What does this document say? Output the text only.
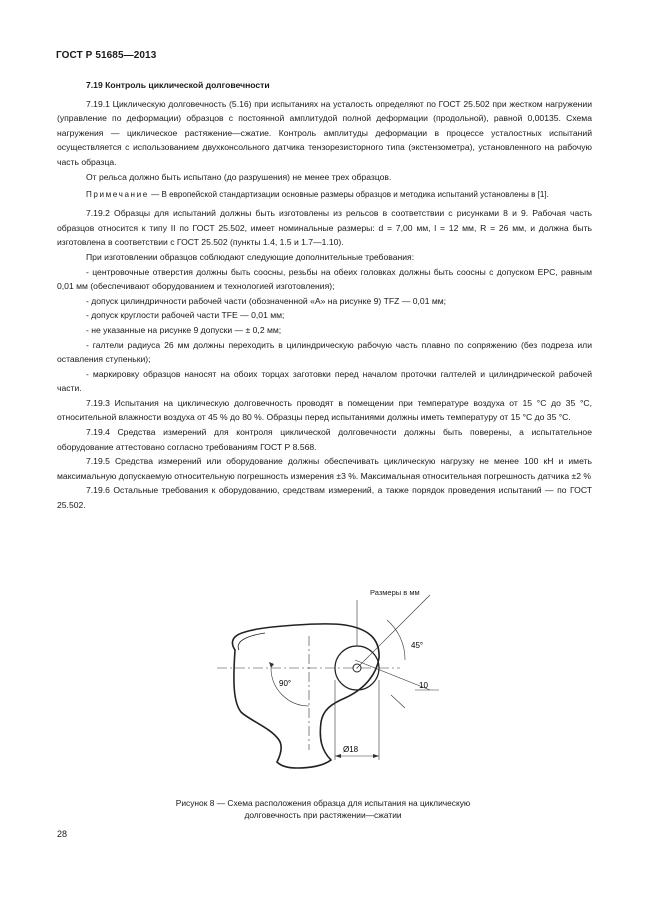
ГОСТ Р 51685—2013

7.19 Контроль циклической долговечности

7.19.1 Циклическую долговечность (5.16) при испытаниях на усталость определяют по ГОСТ 25.502 при жестком нагружении (управление по деформации) образцов с постоянной амплитудой полной деформации (продольной), равной 0,00135. Схема нагружения — циклическое растяжение—сжатие. Контроль амплитуды деформации в процессе усталостных испытаний осуществляется с использованием двухконсольного датчика тензорезисторного типа (экстензометра), установленного на рабочую часть образца.

От рельса должно быть испытано (до разрушения) не менее трех образцов.

Примечание — В европейской стандартизации основные размеры образцов и методика испытаний установлены в [1].

7.19.2 Образцы для испытаний должны быть изготовлены из рельсов в соответствии с рисунками 8 и 9. Рабочая часть образцов относится к типу II по ГОСТ 25.502, имеет номинальные размеры: d = 7,00 мм, l = 12 мм, R = 26 мм, и должна быть изготовлена в соответствии с ГОСТ 25.502 (пункты 1.4, 1.5 и 1.7—1.10).

При изготовлении образцов соблюдают следующие дополнительные требования:

- центровочные отверстия должны быть соосны, резьбы на обеих головках должны быть соосны с допуском EPC, равным 0,01 мм (обеспечивают оборудованием и технологией изготовления);

- допуск цилиндричности рабочей части (обозначенной «А» на рисунке 9) TFZ — 0,01 мм;

- допуск круглости рабочей части TFE — 0,01 мм;

- не указанные на рисунке 9 допуски — ± 0,2 мм;

- галтели радиуса 26 мм должны переходить в цилиндрическую рабочую часть плавно по сопряжению (без подреза или оставления ступеньки);

- маркировку образцов наносят на обоих торцах заготовки перед началом проточки галтелей и цилиндрической рабочей части.

7.19.3 Испытания на циклическую долговечность проводят в помещении при температуре воздуха от 15 °С до 35 °С, относительной влажности воздуха от 45 % до 80 %. Образцы перед испытаниями должны иметь температуру от 15 °С до 35 °С.

7.19.4 Средства измерений для контроля циклической долговечности должны быть поверены, а испытательное оборудование аттестовано согласно требованиям ГОСТ Р 8.568.

7.19.5 Средства измерений или оборудование должны обеспечивать циклическую нагрузку не менее 100 кН и иметь максимальную допускаемую относительную погрешность измерения ±3 %. Максимальная относительная погрешность датчика ±2 %

7.19.6 Остальные требования к оборудованию, средствам измерений, а также порядок проведения испытаний — по ГОСТ 25.502.

Размеры в мм
90°
45°
10
Ø18
Рисунок 8 — Схема расположения образца для испытания на циклическую
долговечность при растяжении—сжатии
28
